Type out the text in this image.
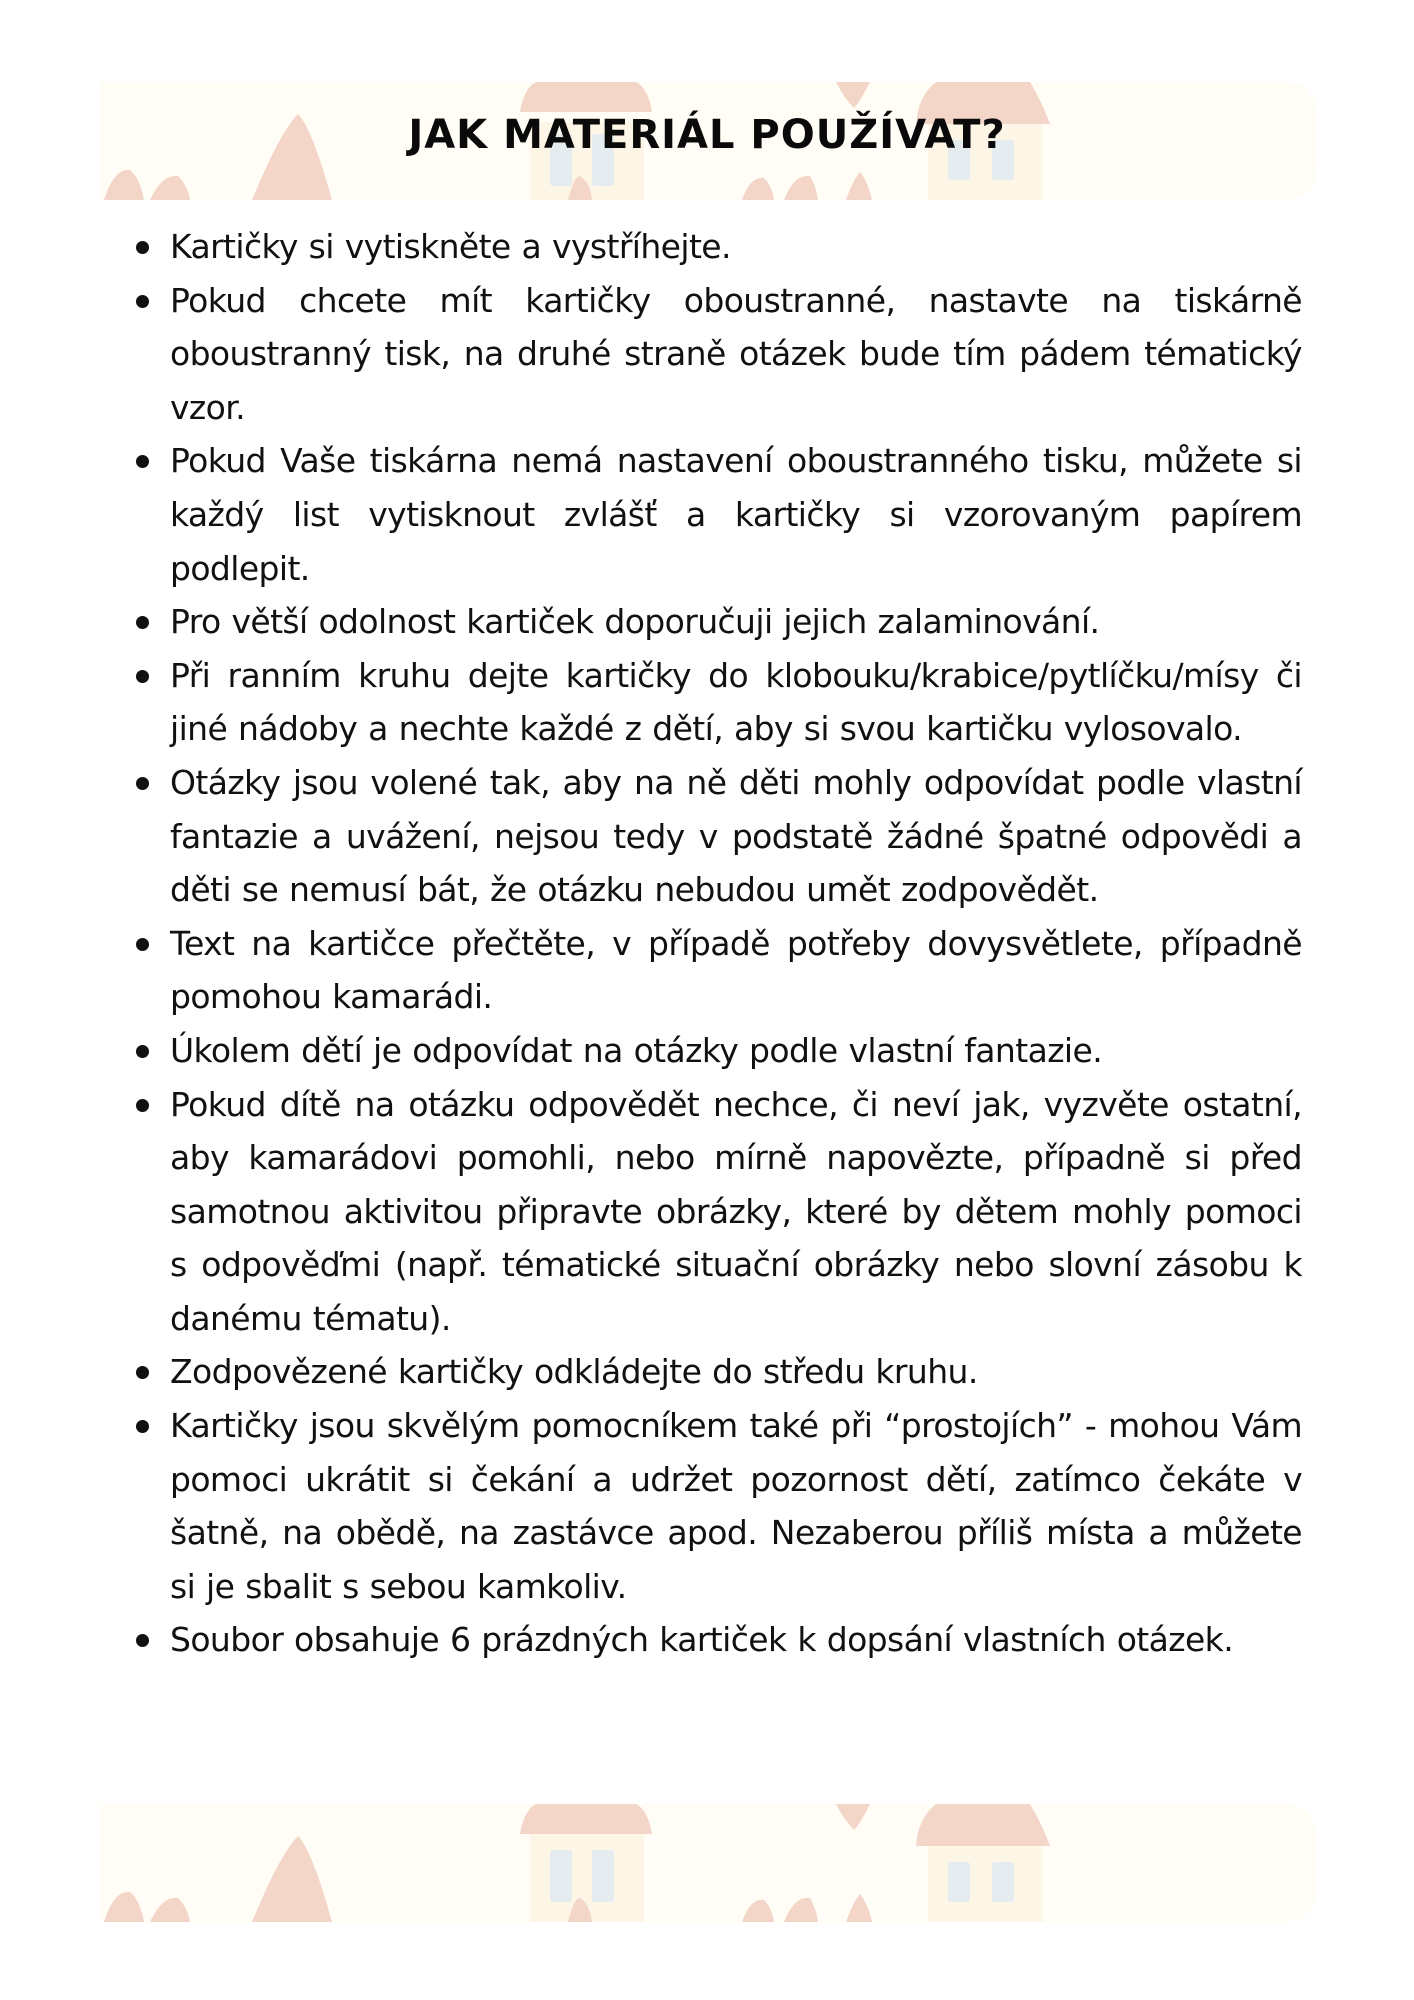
JAK MATERIÁL POUŽÍVAT?
Kartičky si vytiskněte a vystříhejte.
Pokud chcete mít kartičky oboustranné, nastavte na tiskárně oboustranný tisk, na druhé straně otázek bude tím pádem tématický vzor.
Pokud Vaše tiskárna nemá nastavení oboustranného tisku, můžete si každý list vytisknout zvlášť a kartičky si vzorovaným papírem podlepit.
Pro větší odolnost kartiček doporučuji jejich zalaminování.
Při ranním kruhu dejte kartičky do klobouku/krabice/pytlíčku/mísy či jiné nádoby a nechte každé z dětí, aby si svou kartičku vylosovalo.
Otázky jsou volené tak, aby na ně děti mohly odpovídat podle vlastní fantazie a uvážení, nejsou tedy v podstatě žádné špatné odpovědi a děti se nemusí bát, že otázku nebudou umět zodpovědět.
Text na kartičce přečtěte, v případě potřeby dovysvětlete, případně pomohou kamarádi.
Úkolem dětí je odpovídat na otázky podle vlastní fantazie.
Pokud dítě na otázku odpovědět nechce, či neví jak, vyzvěte ostatní, aby kamarádovi pomohli, nebo mírně napovězte, případně si před samotnou aktivitou připravte obrázky, které by dětem mohly pomoci s odpověďmi (např. tématické situační obrázky nebo slovní zásobu k danému tématu).
Zodpovězené kartičky odkládejte do středu kruhu.
Kartičky jsou skvělým pomocníkem také při “prostojích” - mohou Vám pomoci ukrátit si čekání a udržet pozornost dětí, zatímco čekáte v šatně, na obědě, na zastávce apod. Nezaberou příliš místa a můžete si je sbalit s sebou kamkoliv.
Soubor obsahuje 6 prázdných kartiček k dopsání vlastních otázek.
